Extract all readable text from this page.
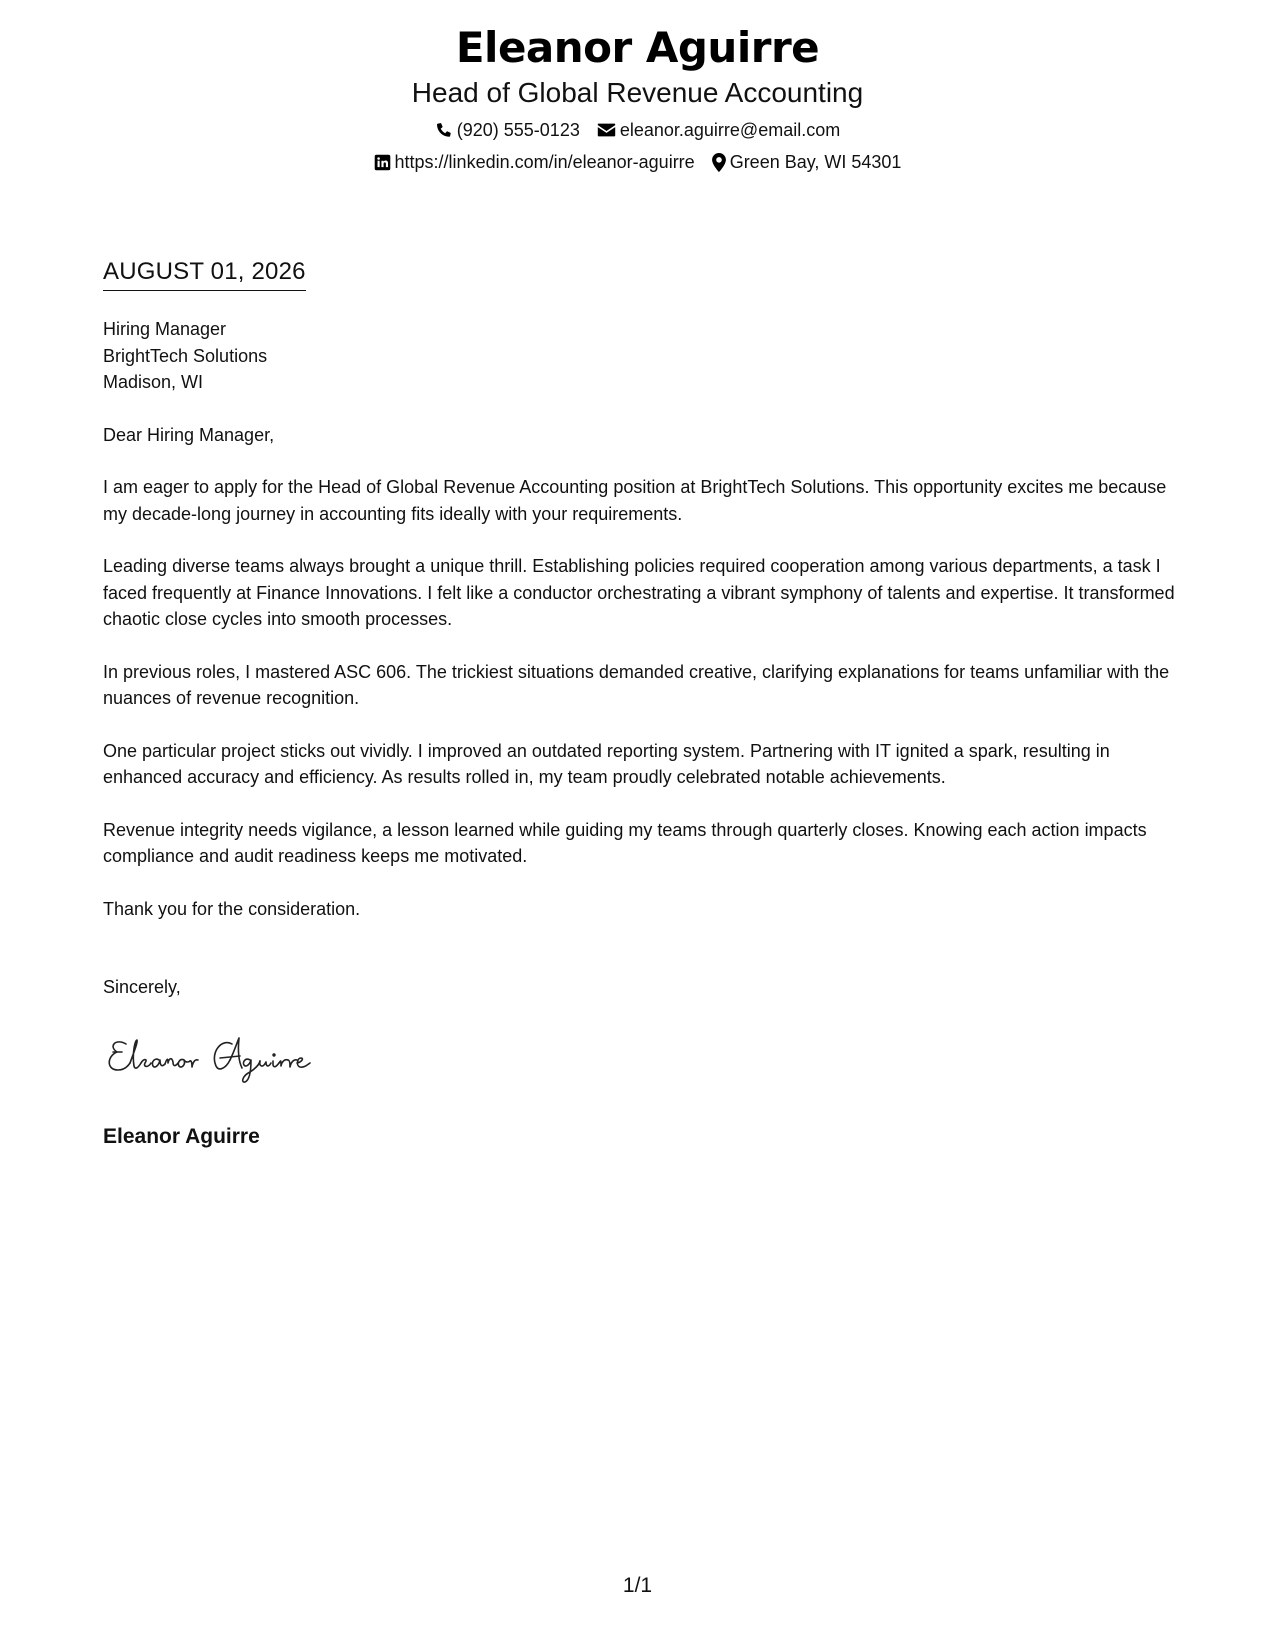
Eleanor Aguirre
Head of Global Revenue Accounting
(920) 555-0123 eleanor.aguirre@email.com
https://linkedin.com/in/eleanor-aguirre Green Bay, WI 54301
AUGUST 01, 2026
Hiring Manager
BrightTech Solutions
Madison, WI

Dear Hiring Manager,

I am eager to apply for the Head of Global Revenue Accounting position at BrightTech Solutions. This opportunity excites me because my decade-long journey in accounting fits ideally with your requirements.

Leading diverse teams always brought a unique thrill. Establishing policies required cooperation among various departments, a task I faced frequently at Finance Innovations. I felt like a conductor orchestrating a vibrant symphony of talents and expertise. It transformed chaotic close cycles into smooth processes.

In previous roles, I mastered ASC 606. The trickiest situations demanded creative, clarifying explanations for teams unfamiliar with the nuances of revenue recognition.

One particular project sticks out vividly. I improved an outdated reporting system. Partnering with IT ignited a spark, resulting in enhanced accuracy and efficiency. As results rolled in, my team proudly celebrated notable achievements.

Revenue integrity needs vigilance, a lesson learned while guiding my teams through quarterly closes. Knowing each action impacts compliance and audit readiness keeps me motivated.

Thank you for the consideration.

Sincerely,

Eleanor Aguirre
1/1
